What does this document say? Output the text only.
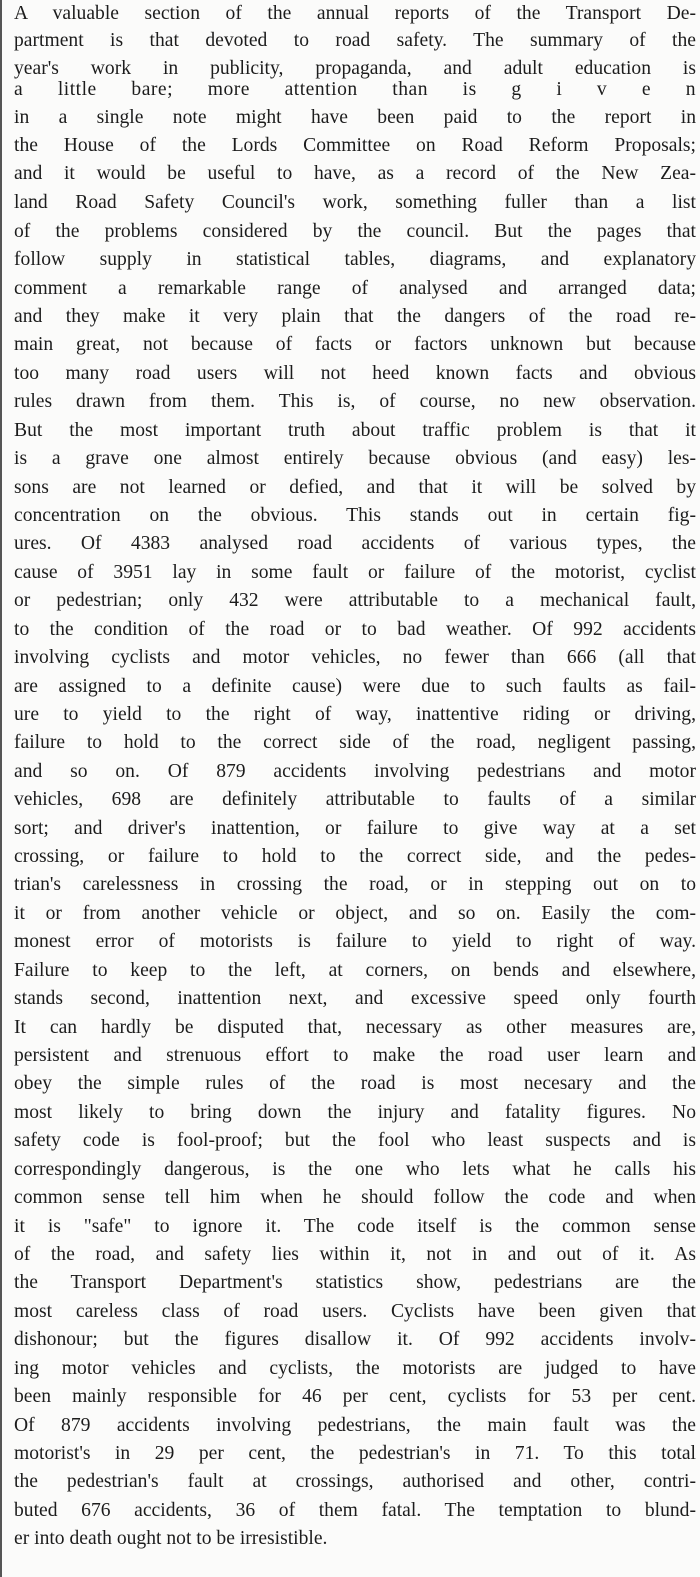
A valuable section of the annual reports of the Transport De-
partment is that devoted to road safety. The summary of the
year's work in publicity, propaganda, and adult education is
a little bare; more attention than is g i v e n
in a single note might have been paid to the report in
the House of the Lords Committee on Road Reform Proposals;
and it would be useful to have, as a record of the New Zea-
land Road Safety Council's work, something fuller than a list
of the problems considered by the council. But the pages that
follow supply in statistical tables, diagrams, and explanatory
comment a remarkable range of analysed and arranged data;
and they make it very plain that the dangers of the road re-
main great, not because of facts or factors unknown but because
too many road users will not heed known facts and obvious
rules drawn from them. This is, of course, no new observation.
But the most important truth about traffic problem is that it
is a grave one almost entirely because obvious (and easy) les-
sons are not learned or defied, and that it will be solved by
concentration on the obvious. This stands out in certain fig-
ures. Of 4383 analysed road accidents of various types, the
cause of 3951 lay in some fault or failure of the motorist, cyclist
or pedestrian; only 432 were attributable to a mechanical fault,
to the condition of the road or to bad weather. Of 992 accidents
involving cyclists and motor vehicles, no fewer than 666 (all that
are assigned to a definite cause) were due to such faults as fail-
ure to yield to the right of way, inattentive riding or driving,
failure to hold to the correct side of the road, negligent passing,
and so on. Of 879 accidents involving pedestrians and motor
vehicles, 698 are definitely attributable to faults of a similar
sort; and driver's inattention, or failure to give way at a set
crossing, or failure to hold to the correct side, and the pedes-
trian's carelessness in crossing the road, or in stepping out on to
it or from another vehicle or object, and so on. Easily the com-
monest error of motorists is failure to yield to right of way.
Failure to keep to the left, at corners, on bends and elsewhere,
stands second, inattention next, and excessive speed only fourth
It can hardly be disputed that, necessary as other measures are,
persistent and strenuous effort to make the road user learn and
obey the simple rules of the road is most necesary and the
most likely to bring down the injury and fatality figures. No
safety code is fool-proof; but the fool who least suspects and is
correspondingly dangerous, is the one who lets what he calls his
common sense tell him when he should follow the code and when
it is "safe" to ignore it. The code itself is the common sense
of the road, and safety lies within it, not in and out of it. As
the Transport Department's statistics show, pedestrians are the
most careless class of road users. Cyclists have been given that
dishonour; but the figures disallow it. Of 992 accidents involv-
ing motor vehicles and cyclists, the motorists are judged to have
been mainly responsible for 46 per cent, cyclists for 53 per cent.
Of 879 accidents involving pedestrians, the main fault was the
motorist's in 29 per cent, the pedestrian's in 71. To this total
the pedestrian's fault at crossings, authorised and other, contri-
buted 676 accidents, 36 of them fatal. The temptation to blund-
er into death ought not to be irresistible.
